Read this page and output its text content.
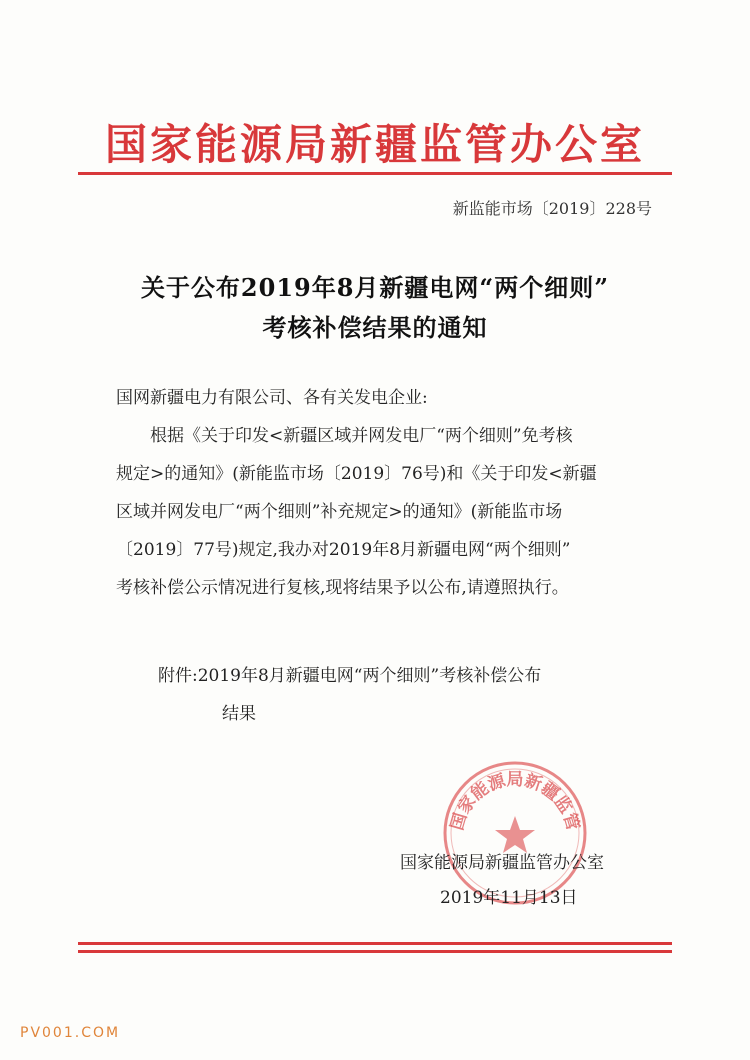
国家能源局新疆监管办公室
新监能市场〔2019〕228号
关于公布2019年8月新疆电网“两个细则”
考核补偿结果的通知
国网新疆电力有限公司、各有关发电企业:
根据《关于印发<新疆区域并网发电厂“两个细则”免考核
规定>的通知》(新能监市场〔2019〕76号)和《关于印发<新疆
区域并网发电厂“两个细则”补充规定>的通知》(新能监市场
〔2019〕77号)规定,我办对2019年8月新疆电网“两个细则”
考核补偿公示情况进行复核,现将结果予以公布,请遵照执行。
附件:2019年8月新疆电网“两个细则”考核补偿公布
结果
国家能源局新疆监管
国家能源局新疆监管办公室
2019年11月13日
PV001.COM
